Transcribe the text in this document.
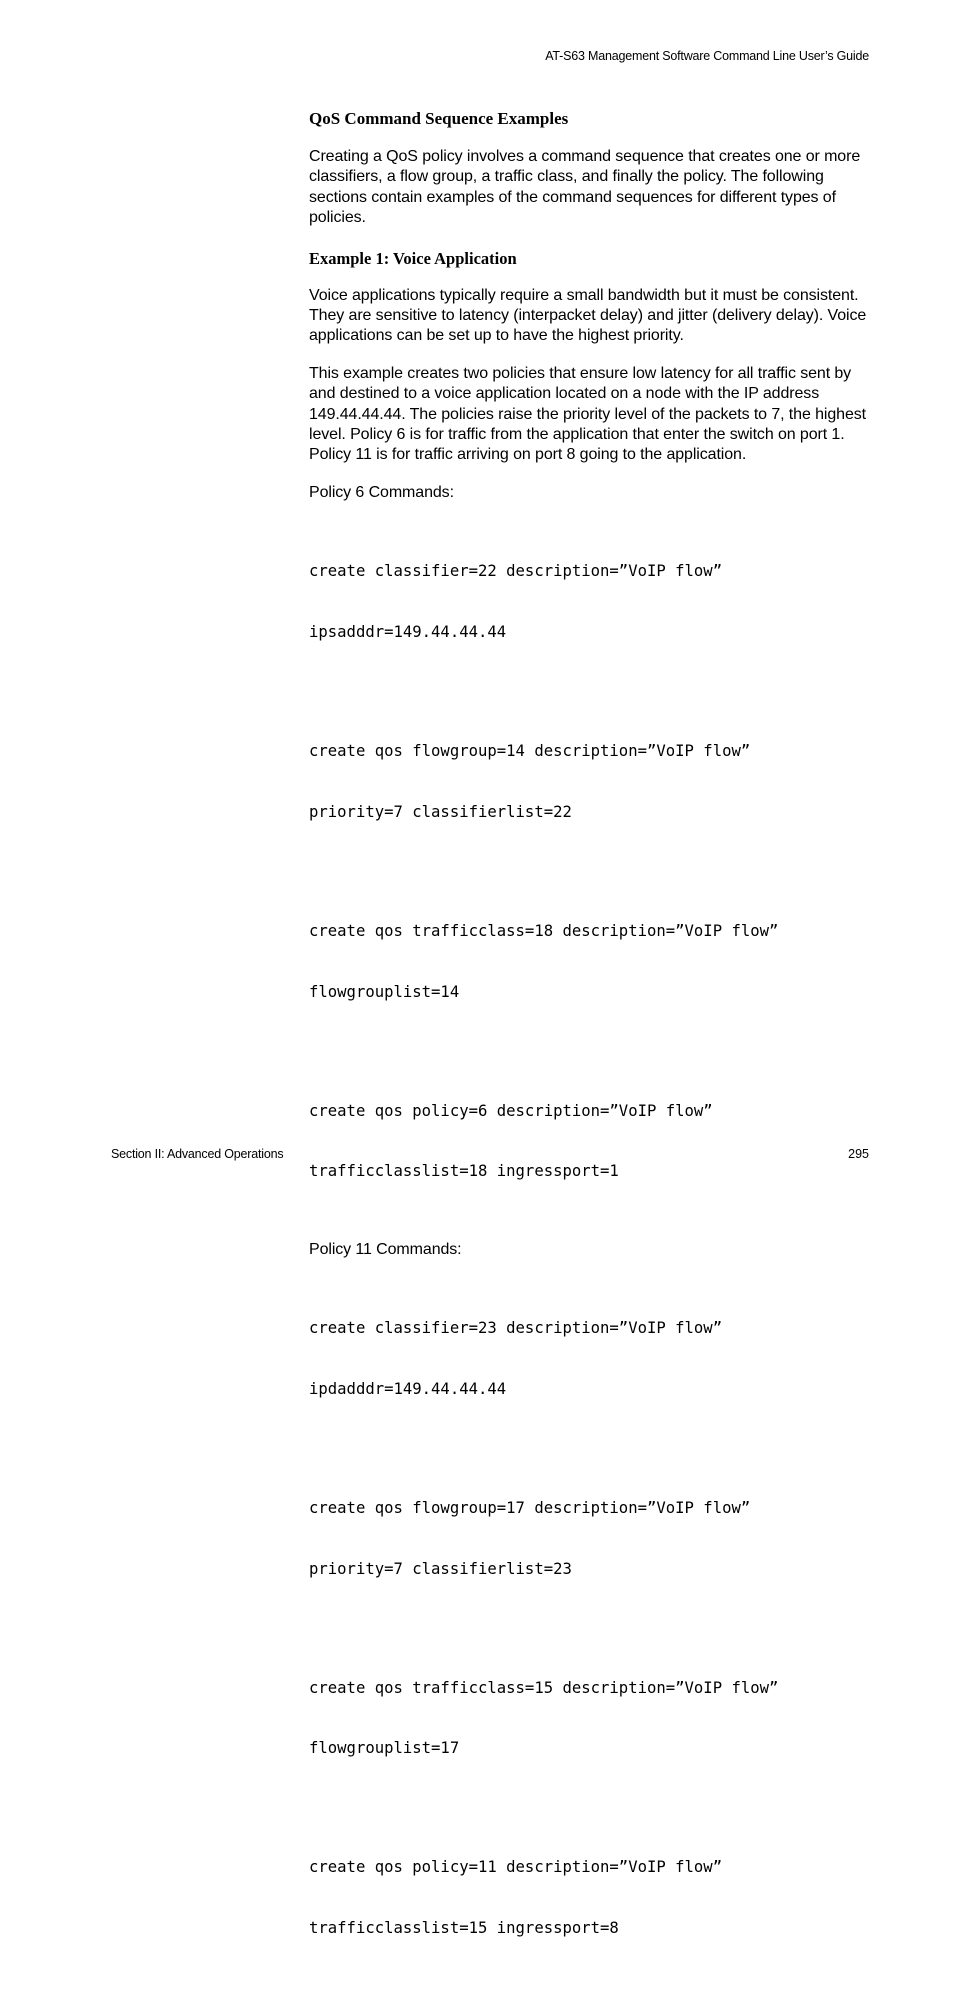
AT-S63 Management Software Command Line User’s Guide
QoS Command Sequence Examples

Creating a QoS policy involves a command sequence that creates one or more classifiers, a flow group, a traffic class, and finally the policy. The following sections contain examples of the command sequences for different types of policies.

Example 1: Voice Application

Voice applications typically require a small bandwidth but it must be consistent. They are sensitive to latency (interpacket delay) and jitter (delivery delay). Voice applications can be set up to have the highest priority.

This example creates two policies that ensure low latency for all traffic sent by and destined to a voice application located on a node with the IP address 149.44.44.44. The policies raise the priority level of the packets to 7, the highest level. Policy 6 is for traffic from the application that enter the switch on port 1. Policy 11 is for traffic arriving on port 8 going to the application.

Policy 6 Commands:

create classifier=22 description=”VoIP flow”

ipsadddr=149.44.44.44

create qos flowgroup=14 description=”VoIP flow”

priority=7 classifierlist=22

create qos trafficclass=18 description=”VoIP flow”

flowgrouplist=14

create qos policy=6 description=”VoIP flow”

trafficclasslist=18 ingressport=1

Policy 11 Commands:

create classifier=23 description=”VoIP flow”

ipdadddr=149.44.44.44

create qos flowgroup=17 description=”VoIP flow”

priority=7 classifierlist=23

create qos trafficclass=15 description=”VoIP flow”

flowgrouplist=17

create qos policy=11 description=”VoIP flow”

trafficclasslist=15 ingressport=8

Section II: Advanced Operations	295
